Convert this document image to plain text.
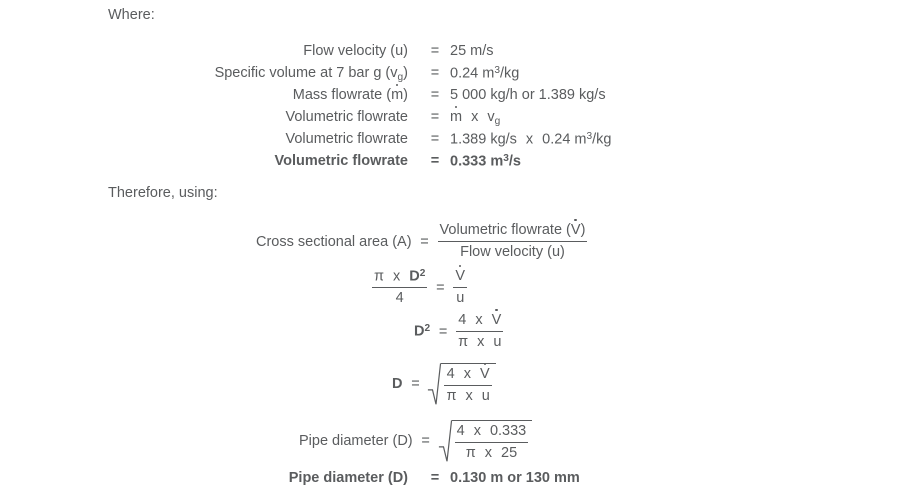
Where:
Flow velocity (u) = 25 m/s
Specific volume at 7 bar g $(v_g) = 0.24$ $m^3/kg$
Mass flowrate (m) = 5 000 kg/h or 1.389 kg/s
Volumetric flowrate = m x $v_g$
Volumetric flowrate = 1.389 kg/s x 0.24 $m^3/kg$
Volumetric flowrate = 0.333 $m^3/s$
Therefore, using:
Cross sectional area $(A) = \frac{\text{Volumetric flowrate (V)}}{\text{Flow velocity (u)}}$
$\frac{\pi x D^2}{4} = \frac{V}{u}$
$D^2 = \frac{\text{4 x V}}{\text{π x u}}$
D =	$\frac{\text{4 x V}}{\text{π x u}}$
Pipe diameter (D) =	$\frac{4 x 0.333}{\text{π x 25}}$
Pipe diameter (D) = 0.130 m or 130 mm
